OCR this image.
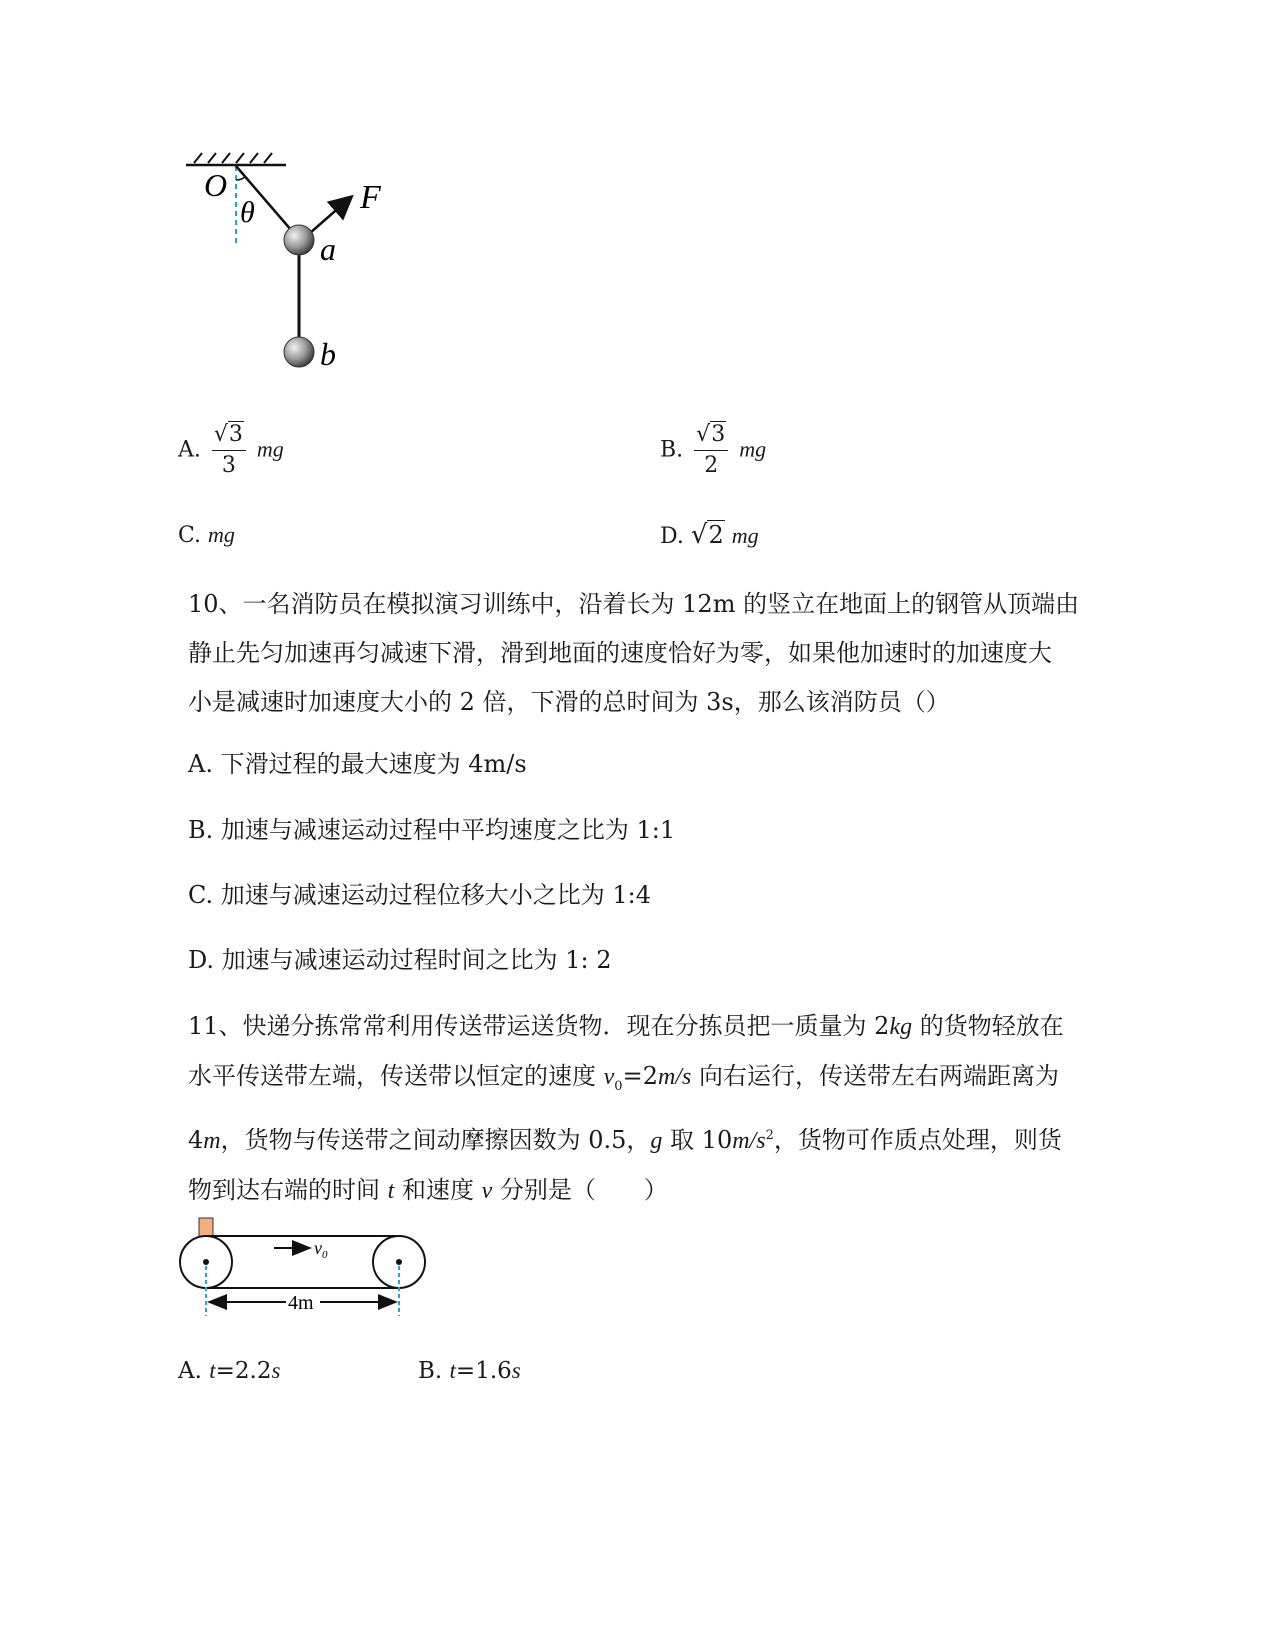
O
θ	F
a
b
A. $\frac{√3}{3}$ mg	B. $\frac{√3}{2}$ mg
C. mg	D. √2 mg

10、一名消防员在模拟演习训练中，沿着长为 12m 的竖立在地面上的钢管从顶端由

静止先匀加速再匀减速下滑，滑到地面的速度恰好为零，如果他加速时的加速度大

小是减速时加速度大小的 2 倍，下滑的总时间为 3s，那么该消防员（）

A. 下滑过程的最大速度为 4m/s
B. 加速与减速运动过程中平均速度之比为 1:1
C. 加速与减速运动过程位移大小之比为 1:4
D. 加速与减速运动过程时间之比为 1: 2

11、快递分拣常常利用传送带运送货物．现在分拣员把一质量为 2kg 的货物轻放在

水平传送带左端，传送带以恒定的速度 $v_0=2m/s$ 向右运行，传送带左右两端距离为

4m，货物与传送带之间动摩擦因数为 0.5，g 取 $10m/s^2$，货物可作质点处理，则货

物到达右端的时间 t 和速度 v 分别是（　　）

$v_0$
4m
A. t=2.2s	B. t=1.6s
